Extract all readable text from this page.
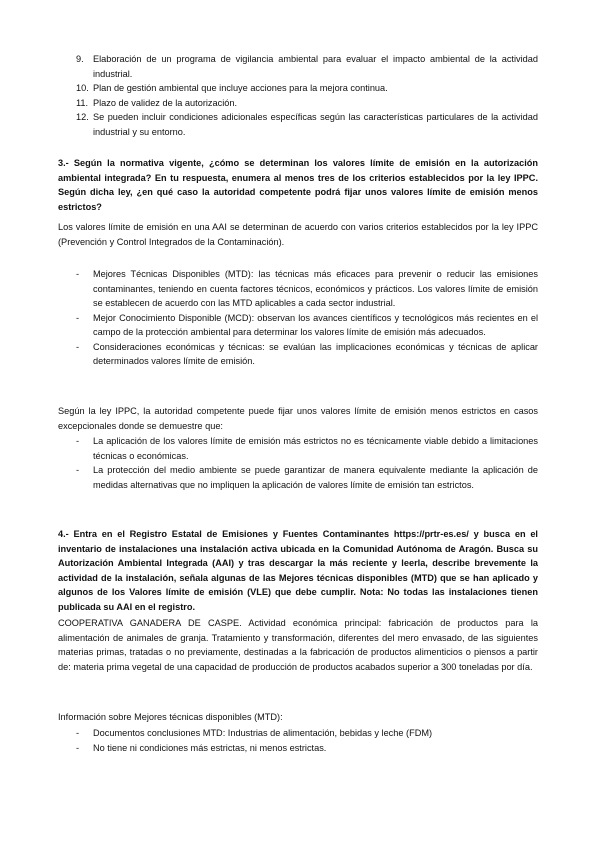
9.	Elaboración de un programa de vigilancia ambiental para evaluar el impacto ambiental de la actividad industrial.
10. Plan de gestión ambiental que incluye acciones para la mejora continua.
11. Plazo de validez de la autorización.
12. Se pueden incluir condiciones adicionales específicas según las características particulares de la actividad industrial y su entorno.
3.- Según la normativa vigente, ¿cómo se determinan los valores límite de emisión en la autorización ambiental integrada? En tu respuesta, enumera al menos tres de los criterios establecidos por la ley IPPC. Según dicha ley, ¿en qué caso la autoridad competente podrá fijar unos valores límite de emisión menos estrictos?
Los valores límite de emisión en una AAI se determinan de acuerdo con varios criterios establecidos por la ley IPPC (Prevención y Control Integrados de la Contaminación).
-	Mejores Técnicas Disponibles (MTD): las técnicas más eficaces para prevenir o reducir las emisiones contaminantes, teniendo en cuenta factores técnicos, económicos y prácticos. Los valores límite de emisión se establecen de acuerdo con las MTD aplicables a cada sector industrial.
-	Mejor Conocimiento Disponible (MCD): observan los avances científicos y tecnológicos más recientes en el campo de la protección ambiental para determinar los valores límite de emisión más adecuados.
-	Consideraciones económicas y técnicas: se evalúan las implicaciones económicas y técnicas de aplicar determinados valores límite de emisión.
Según la ley IPPC, la autoridad competente puede fijar unos valores límite de emisión menos estrictos en casos excepcionales donde se demuestre que:
-	La aplicación de los valores límite de emisión más estrictos no es técnicamente viable debido a limitaciones técnicas o económicas.
-	La protección del medio ambiente se puede garantizar de manera equivalente mediante la aplicación de medidas alternativas que no impliquen la aplicación de valores límite de emisión tan estrictos.
4.- Entra en el Registro Estatal de Emisiones y Fuentes Contaminantes https://prtr-es.es/ y busca en el inventario de instalaciones una instalación activa ubicada en la Comunidad Autónoma de Aragón. Busca su Autorización Ambiental Integrada (AAI) y tras descargar la más reciente y leerla, describe brevemente la actividad de la instalación, señala algunas de las Mejores técnicas disponibles (MTD) que se han aplicado y algunos de los Valores límite de emisión (VLE) que debe cumplir. Nota: No todas las instalaciones tienen publicada su AAI en el registro.
COOPERATIVA GANADERA DE CASPE. Actividad económica principal: fabricación de productos para la alimentación de animales de granja. Tratamiento y transformación, diferentes del mero envasado, de las siguientes materias primas, tratadas o no previamente, destinadas a la fabricación de productos alimenticios o piensos a partir de: materia prima vegetal de una capacidad de producción de productos acabados superior a 300 toneladas por día.
Información sobre Mejores técnicas disponibles (MTD):
-	Documentos conclusiones MTD: Industrias de alimentación, bebidas y leche (FDM)
-	No tiene ni condiciones más estrictas, ni menos estrictas.
